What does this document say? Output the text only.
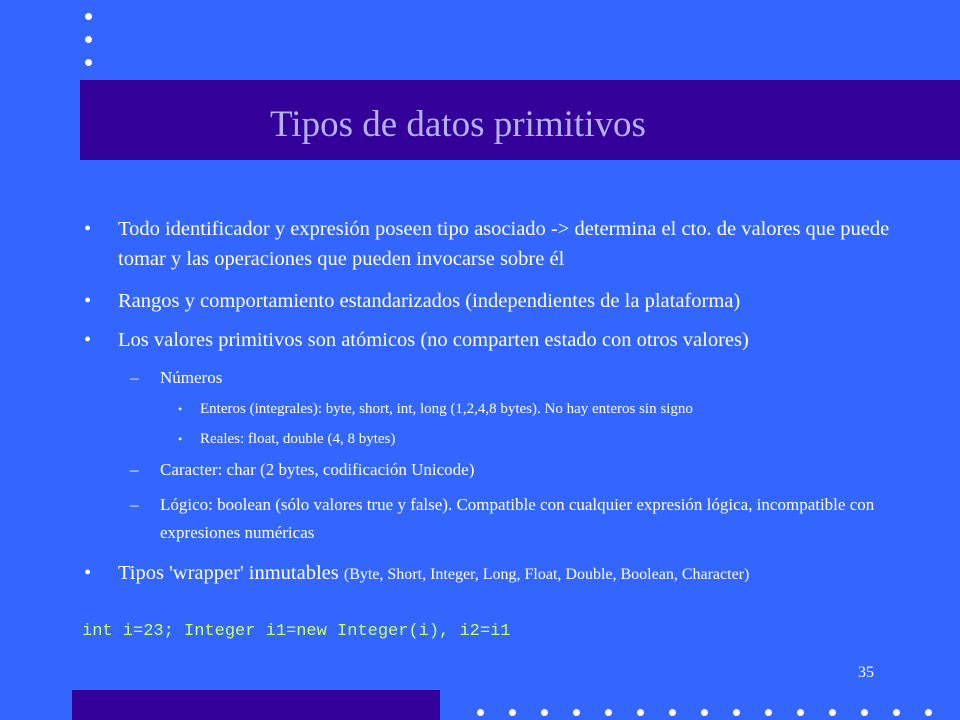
Tipos de datos primitivos
• Todo identificador y expresión poseen tipo asociado -> determina el cto. de valores que puede tomar y las operaciones que pueden invocarse sobre él
• Rangos y comportamiento estandarizados (independientes de la plataforma)
• Los valores primitivos son atómicos (no comparten estado con otros valores)
– Números
• Enteros (integrales): byte, short, int, long (1,2,4,8 bytes). No hay enteros sin signo
• Reales: float, double (4, 8 bytes)
– Caracter: char (2 bytes, codificación Unicode)
– Lógico: boolean (sólo valores true y false). Compatible con cualquier expresión lógica, incompatible con expresiones numéricas
• Tipos 'wrapper' inmutables (Byte, Short, Integer, Long, Float, Double, Boolean, Character)
int i=23; Integer i1=new Integer(i), i2=i1
35
